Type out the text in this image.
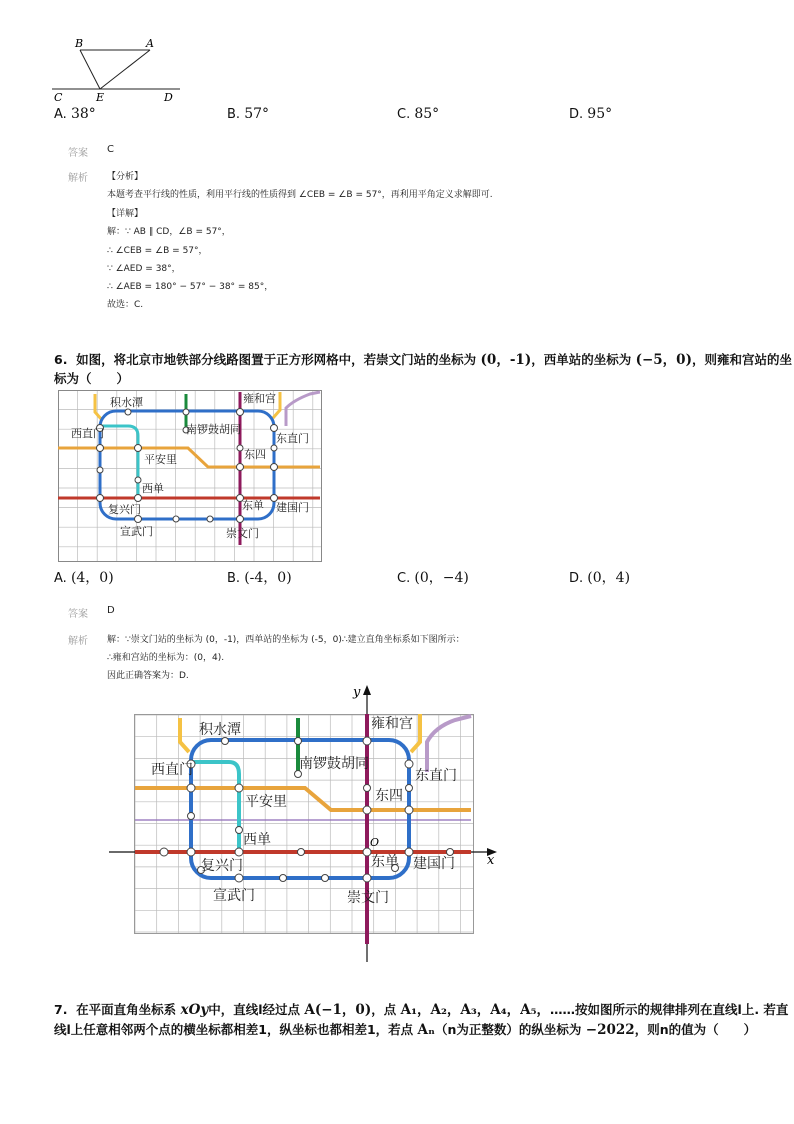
B	A
C	E	D
A. 38°	B. 57°	C. 85°	D. 95°
答案 C
解析 【分析】
本题考查平行线的性质，利用平行线的性质得到 ∠CEB = ∠B = 57°，再利用平角定义求解即可.
【详解】
解：∵ AB ∥ CD，∠B = 57°，
∴ ∠CEB = ∠B = 57°，
∵ ∠AED = 38°，
∴ ∠AEB = 180° − 57° − 38° = 85°，
故选：C.
6. 如图，将北京市地铁部分线路图置于正方形网格中，若崇文门站的坐标为 (0，-1)，西单站的坐标为 (−5，0)，则雍和宫站的坐
标为（　　）
积水潭	雍和宫
西直门	南锣鼓胡同
东直门
平安里	东四
西单
复兴门	东单 建国门
宣武门	崇文门
A. (4，0)	B. (-4，0)	C. (0，−4)	D. (0，4)
答案 D
解析 解：∵崇文门站的坐标为 (0，-1)，西单站的坐标为 (-5，0)∴建立直角坐标系如下图所示：
∴雍和宫站的坐标为：(0，4).
因此正确答案为：D.
x
y
O
积水潭	雍和宫
西直门	南锣鼓胡同
东直门
平安里	东四
西单
复兴门	东单 建国门
宣武门	崇文门
7. 在平面直角坐标系 xOy中，直线l经过点 A(−1，0)，点 A₁，A₂，A₃，A₄，A₅，……按如图所示的规律排列在直线l上. 若直
线l上任意相邻两个点的横坐标都相差1，纵坐标也都相差1，若点 Aₙ（n为正整数）的纵坐标为 −2022，则n的值为（　　）
